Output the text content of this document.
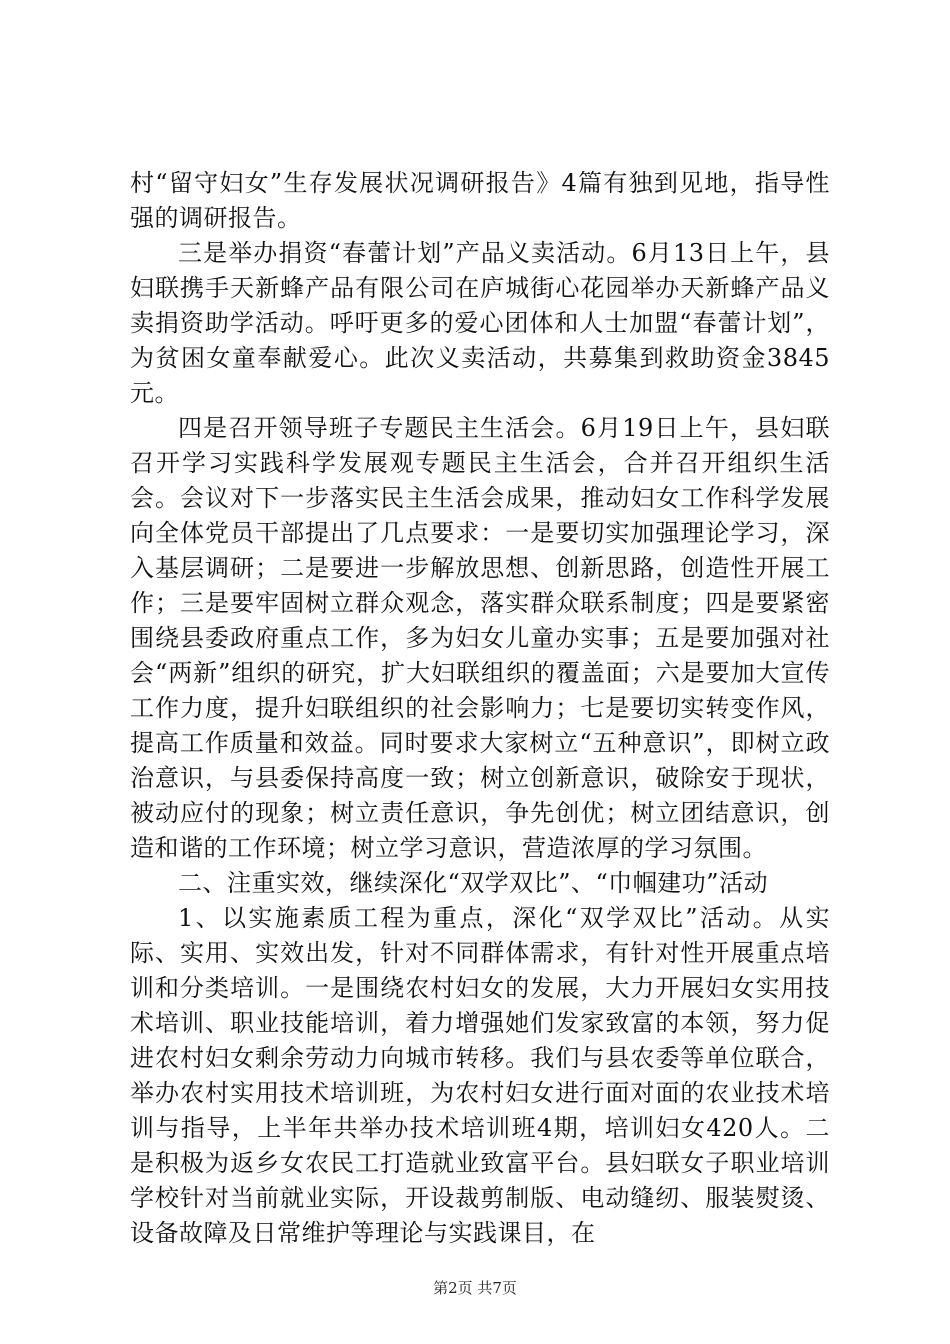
村“留守妇女”生存发展状况调研报告》4篇有独到见地，指导性强的调研报告。

三是举办捐资“春蕾计划”产品义卖活动。6月13日上午，县妇联携手天新蜂产品有限公司在庐城街心花园举办天新蜂产品义卖捐资助学活动。呼吁更多的爱心团体和人士加盟“春蕾计划”，为贫困女童奉献爱心。此次义卖活动，共募集到救助资金3845元。

四是召开领导班子专题民主生活会。6月19日上午，县妇联召开学习实践科学发展观专题民主生活会，合并召开组织生活会。会议对下一步落实民主生活会成果，推动妇女工作科学发展向全体党员干部提出了几点要求：一是要切实加强理论学习，深入基层调研；二是要进一步解放思想、创新思路，创造性开展工作；三是要牢固树立群众观念，落实群众联系制度；四是要紧密围绕县委政府重点工作，多为妇女儿童办实事；五是要加强对社会“两新”组织的研究，扩大妇联组织的覆盖面；六是要加大宣传工作力度，提升妇联组织的社会影响力；七是要切实转变作风，提高工作质量和效益。同时要求大家树立“五种意识”，即树立政治意识，与县委保持高度一致；树立创新意识，破除安于现状，被动应付的现象；树立责任意识，争先创优；树立团结意识，创造和谐的工作环境；树立学习意识，营造浓厚的学习氛围。

二、注重实效，继续深化“双学双比”、“巾帼建功”活动

1、以实施素质工程为重点，深化“双学双比”活动。从实际、实用、实效出发，针对不同群体需求，有针对性开展重点培训和分类培训。一是围绕农村妇女的发展，大力开展妇女实用技术培训、职业技能培训，着力增强她们发家致富的本领，努力促进农村妇女剩余劳动力向城市转移。我们与县农委等单位联合，举办农村实用技术培训班，为农村妇女进行面对面的农业技术培训与指导，上半年共举办技术培训班4期，培训妇女420人。二是积极为返乡女农民工打造就业致富平台。县妇联女子职业培训学校针对当前就业实际，开设裁剪制版、电动缝纫、服装熨烫、设备故障及日常维护等理论与实践课目，在

第2页 共7页
